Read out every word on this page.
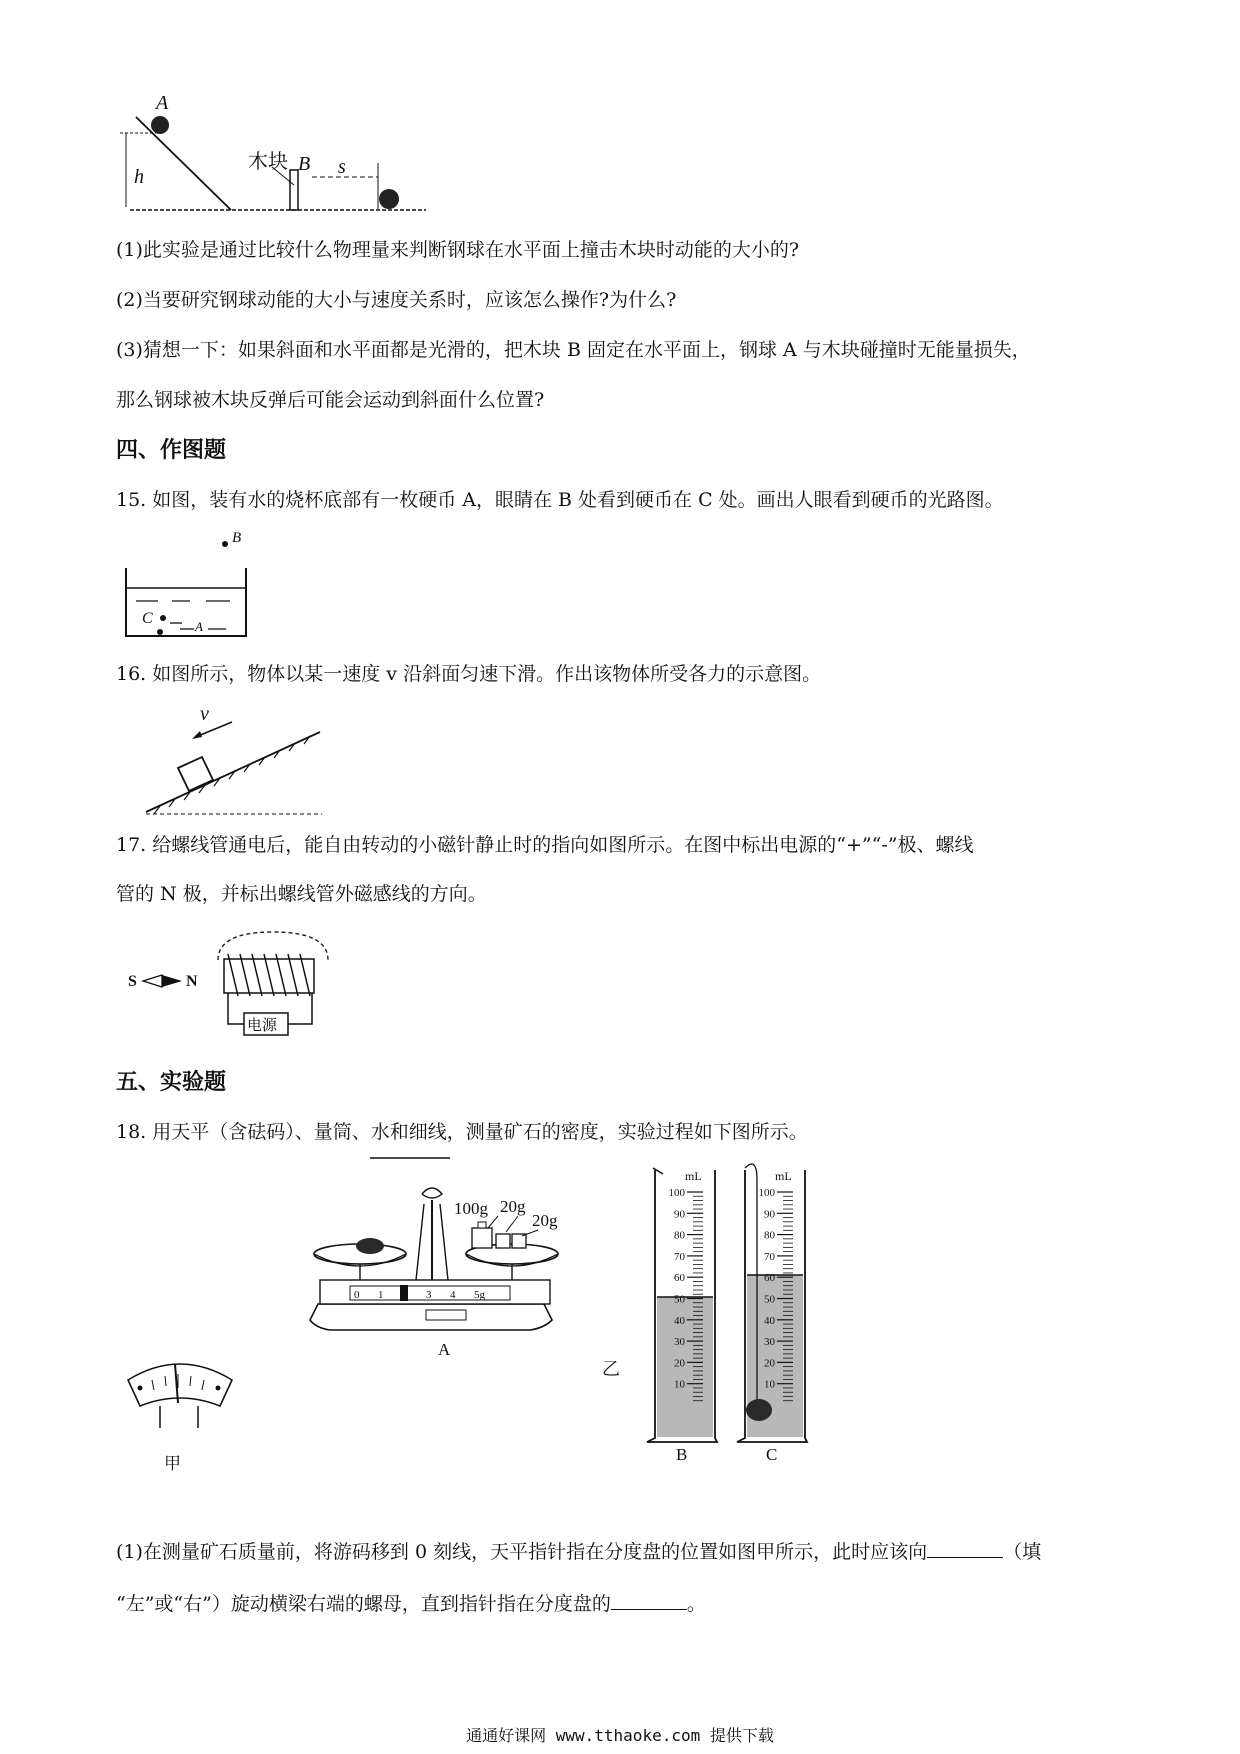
h
A
木块 B s

(1)此实验是通过比较什么物理量来判断钢球在水平面上撞击木块时动能的大小的?

(2)当要研究钢球动能的大小与速度关系时，应该怎么操作?为什么?

(3)猜想一下：如果斜面和水平面都是光滑的，把木块 B 固定在水平面上，钢球 A 与木块碰撞时无能量损失，

那么钢球被木块反弹后可能会运动到斜面什么位置?

四、作图题

15. 如图，装有水的烧杯底部有一枚硬币 A，眼睛在 B 处看到硬币在 C 处。画出人眼看到硬币的光路图。

B
C	A

16. 如图所示，物体以某一速度 v 沿斜面匀速下滑。作出该物体所受各力的示意图。

v

17. 给螺线管通电后，能自由转动的小磁针静止时的指向如图所示。在图中标出电源的“+”“-”极、螺线

管的 N 极，并标出螺线管外磁感线的方向。

S	N
电源

五、实验题

18. 用天平（含砝码）、量筒、水和细线，测量矿石的密度，实验过程如下图所示。

甲
0 1	3 4 5g
100g 20g
20g
A
乙
mL
100
90
80
70
60
50
40
30
20
10
B
mL
100
90
80
70
60
50
40
30
20
10
C

(1)在测量矿石质量前，将游码移到 0 刻线，天平指针指在分度盘的位置如图甲所示，此时应该向	（填

“左”或“右”）旋动横梁右端的螺母，直到指针指在分度盘的	。

通通好课网 www.tthaoke.com 提供下载
